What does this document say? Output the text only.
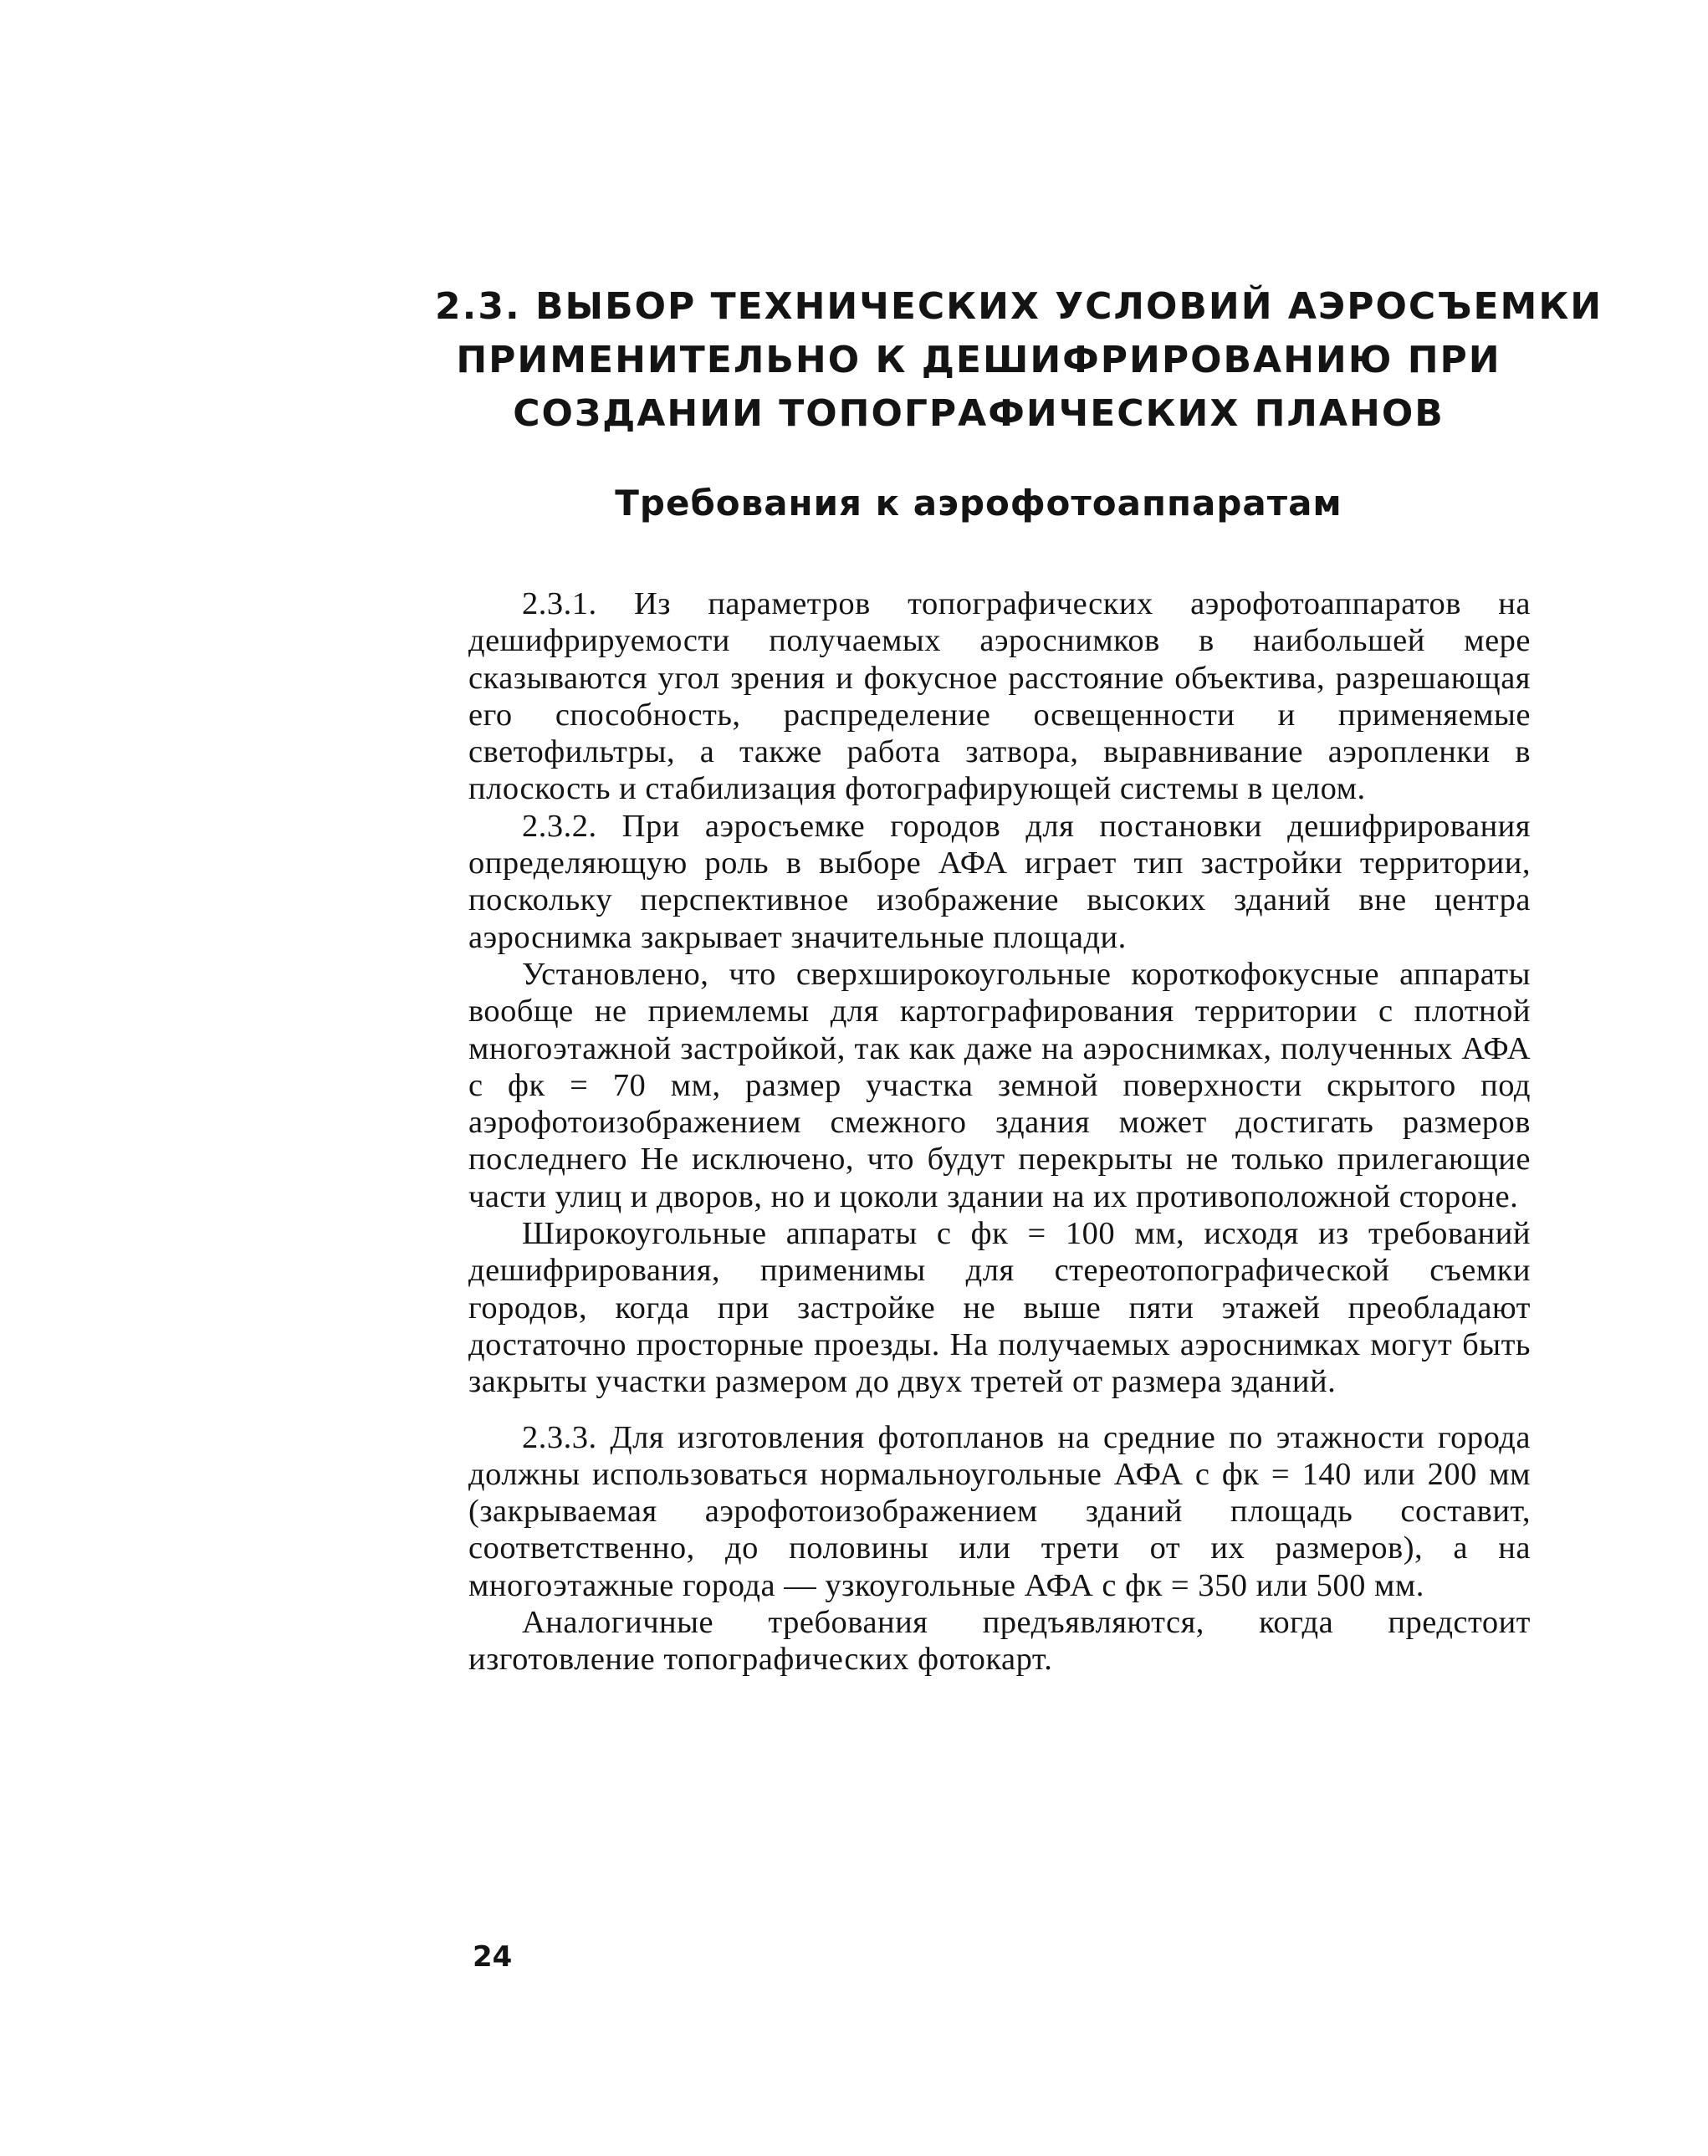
2.3. ВЫБОР ТЕХНИЧЕСКИХ УСЛОВИЙ АЭРОСЪЕМКИ
ПРИМЕНИТЕЛЬНО К ДЕШИФРИРОВАНИЮ ПРИ
СОЗДАНИИ ТОПОГРАФИЧЕСКИХ ПЛАНОВ
Требования к аэрофотоаппаратам

2.3.1. Из параметров топографических аэрофотоаппаратов на дешифрируемости получаемых аэроснимков в наибольшей мере сказываются угол зрения и фокусное расстояние объектива, разрешающая его способность, распределение освещенности и применяемые светофильтры, а также работа затвора, выравнивание аэропленки в плоскость и стабилизация фотографирующей системы в целом.

2.3.2. При аэросъемке городов для постановки дешифрирования определяющую роль в выборе АФА играет тип застройки территории, поскольку перспективное изображение высоких зданий вне центра аэроснимка закрывает значительные площади.

Установлено, что сверхширокоугольные короткофокусные аппараты вообще не приемлемы для картографирования территории с плотной многоэтажной застройкой, так как даже на аэроснимках, полученных АФА с фк = 70 мм, размер участка земной поверхности скрытого под аэрофотоизображением смежного здания может достигать размеров последнего Не исключено, что будут перекрыты не только прилегающие части улиц и дворов, но и цоколи здании на их противоположной стороне.

Широкоугольные аппараты с фк = 100 мм, исходя из требований дешифрирования, применимы для стереотопографической съемки городов, когда при застройке не выше пяти этажей преобладают достаточно просторные проезды. На получаемых аэроснимках могут быть закрыты участки размером до двух третей от размера зданий.

2.3.3. Для изготовления фотопланов на средние по этажности города должны использоваться нормальноугольные АФА с фк = 140 или 200 мм (закрываемая аэрофотоизображением зданий площадь составит, соответственно, до половины или трети от их размеров), а на многоэтажные города — узкоугольные АФА с фк = 350 или 500 мм.

Аналогичные требования предъявляются, когда предстоит изготовление топографических фотокарт.

24
